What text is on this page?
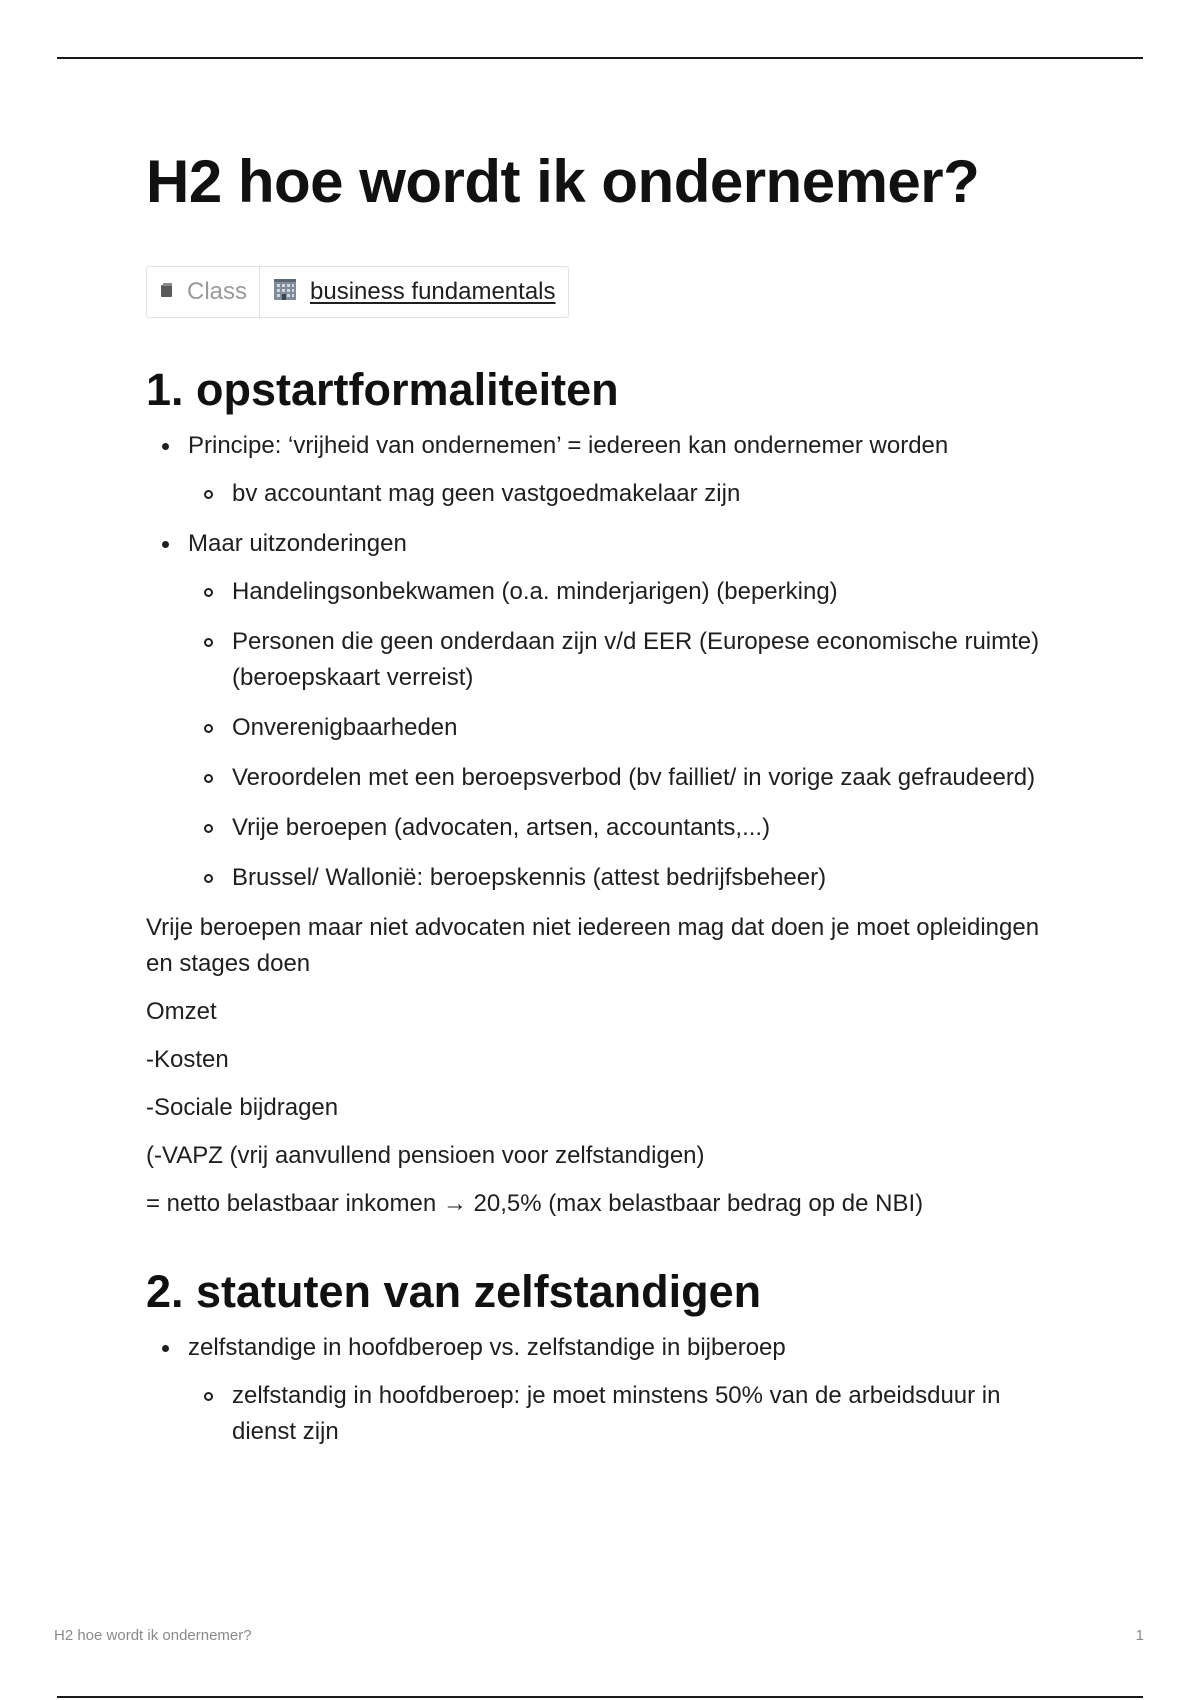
H2 hoe wordt ik ondernemer?
Class	business fundamentals
1. opstartformaliteiten
Principe: ‘vrijheid van ondernemen’ = iedereen kan ondernemer worden
bv accountant mag geen vastgoedmakelaar zijn
Maar uitzonderingen
Handelingsonbekwamen (o.a. minderjarigen) (beperking)
Personen die geen onderdaan zijn v/d EER (Europese economische ruimte) (beroepskaart verreist)
Onverenigbaarheden
Veroordelen met een beroepsverbod (bv failliet/ in vorige zaak gefraudeerd)
Vrije beroepen (advocaten, artsen, accountants,...)
Brussel/ Wallonië: beroepskennis (attest bedrijfsbeheer)

Vrije beroepen maar niet advocaten niet iedereen mag dat doen je moet opleidingen en stages doen

Omzet

-Kosten

-Sociale bijdragen

(-VAPZ (vrij aanvullend pensioen voor zelfstandigen)

= netto belastbaar inkomen → 20,5% (max belastbaar bedrag op de NBI)

2. statuten van zelfstandigen
zelfstandige in hoofdberoep vs. zelfstandige in bijberoep
zelfstandig in hoofdberoep: je moet minstens 50% van de arbeidsduur in dienst zijn
H2 hoe wordt ik ondernemer?	1
